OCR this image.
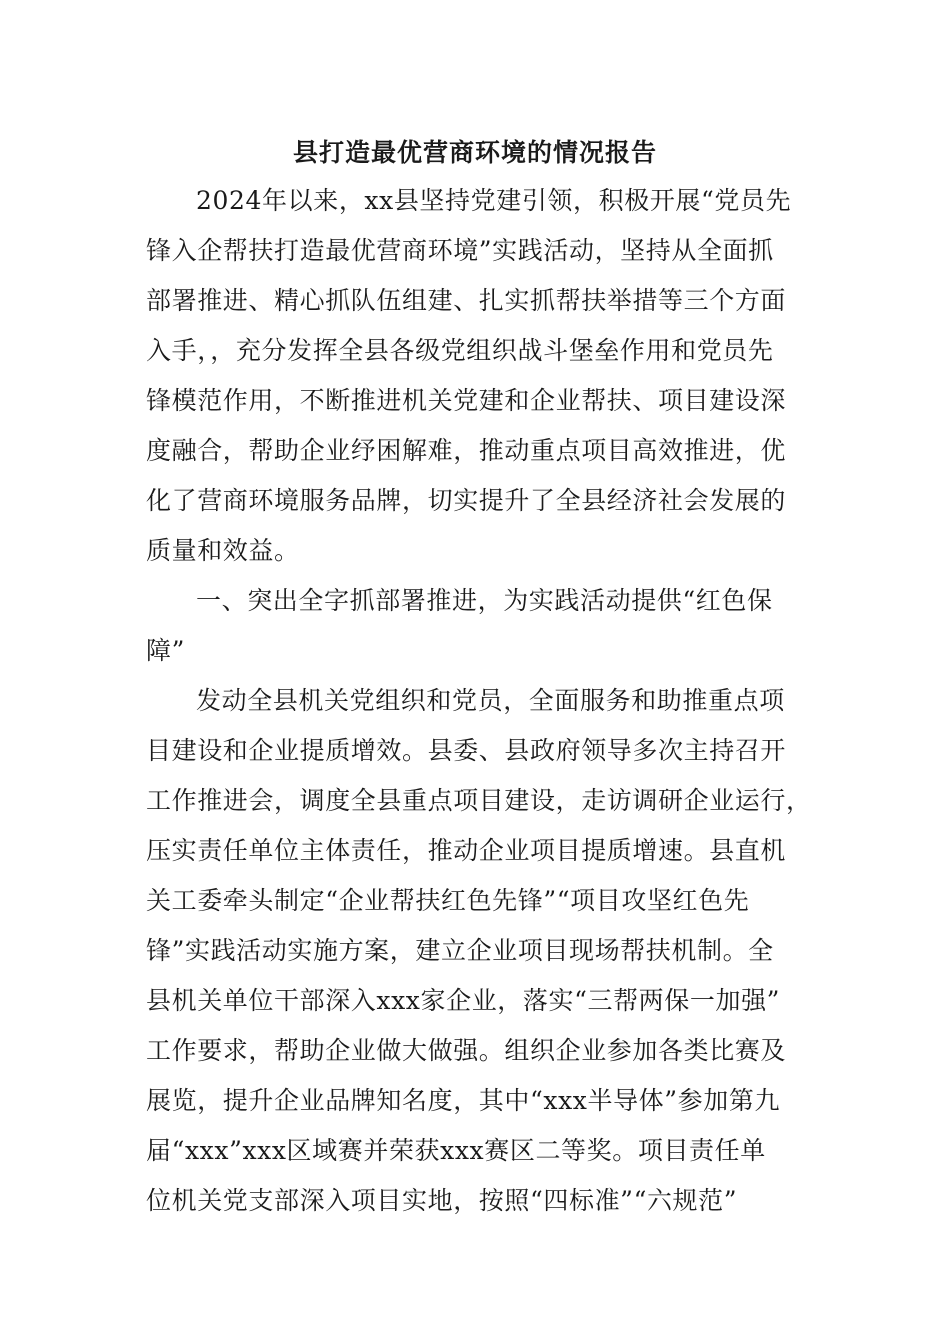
县打造最优营商环境的情况报告
2024年以来，xx县坚持党建引领，积极开展“党员先
锋入企帮扶打造最优营商环境”实践活动，坚持从全面抓
部署推进、精心抓队伍组建、扎实抓帮扶举措等三个方面
入手，，充分发挥全县各级党组织战斗堡垒作用和党员先
锋模范作用，不断推进机关党建和企业帮扶、项目建设深
度融合，帮助企业纾困解难，推动重点项目高效推进，优
化了营商环境服务品牌，切实提升了全县经济社会发展的
质量和效益。
一、突出全字抓部署推进，为实践活动提供“红色保
障”
发动全县机关党组织和党员，全面服务和助推重点项
目建设和企业提质增效。县委、县政府领导多次主持召开
工作推进会，调度全县重点项目建设，走访调研企业运行，
压实责任单位主体责任，推动企业项目提质增速。县直机
关工委牵头制定“企业帮扶红色先锋”“项目攻坚红色先
锋”实践活动实施方案，建立企业项目现场帮扶机制。全
县机关单位干部深入xxx家企业，落实“三帮两保一加强”
工作要求，帮助企业做大做强。组织企业参加各类比赛及
展览，提升企业品牌知名度，其中“xxx半导体”参加第九
届“xxx”xxx区域赛并荣获xxx赛区二等奖。项目责任单
位机关党支部深入项目实地，按照“四标准”“六规范”
